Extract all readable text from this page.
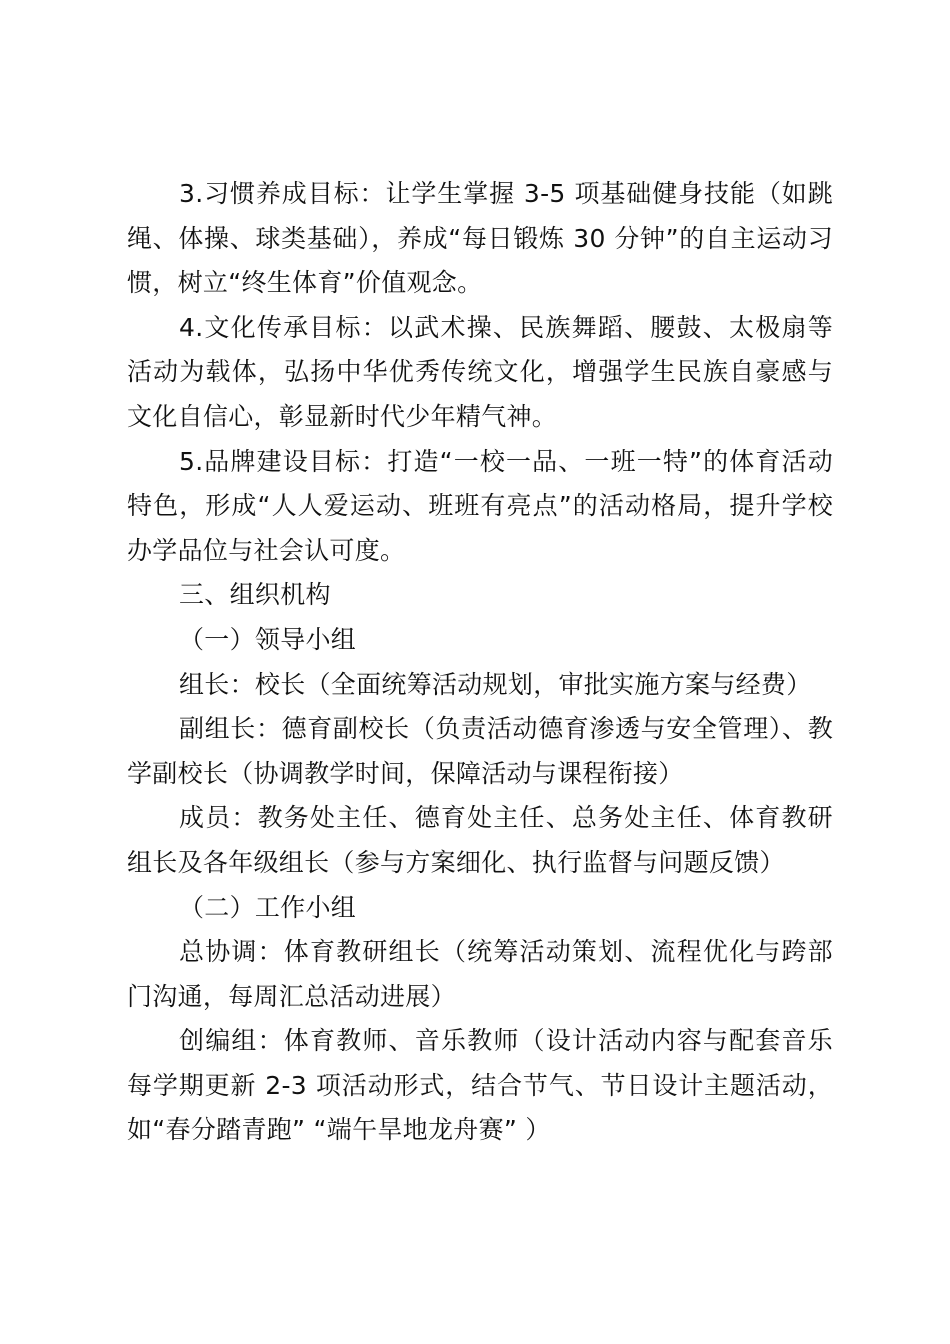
3.习惯养成目标：让学生掌握 3-5 项基础健身技能（如跳绳、体操、球类基础），养成“每日锻炼 30 分钟”的自主运动习惯，树立“终生体育”价值观念。

4.文化传承目标：以武术操、民族舞蹈、腰鼓、太极扇等活动为载体，弘扬中华优秀传统文化，增强学生民族自豪感与文化自信心，彰显新时代少年精气神。

5.品牌建设目标：打造“一校一品、一班一特”的体育活动特色，形成“人人爱运动、班班有亮点”的活动格局，提升学校办学品位与社会认可度。

三、组织机构

（一）领导小组

组长：校长（全面统筹活动规划，审批实施方案与经费）

副组长：德育副校长（负责活动德育渗透与安全管理）、教学副校长（协调教学时间，保障活动与课程衔接）

成员：教务处主任、德育处主任、总务处主任、体育教研组长及各年级组长（参与方案细化、执行监督与问题反馈）

（二）工作小组

总协调：体育教研组长（统筹活动策划、流程优化与跨部门沟通，每周汇总活动进展）

创编组：体育教师、音乐教师（设计活动内容与配套音乐每学期更新 2-3 项活动形式，结合节气、节日设计主题活动，如“春分踏青跑” “端午旱地龙舟赛” ）
